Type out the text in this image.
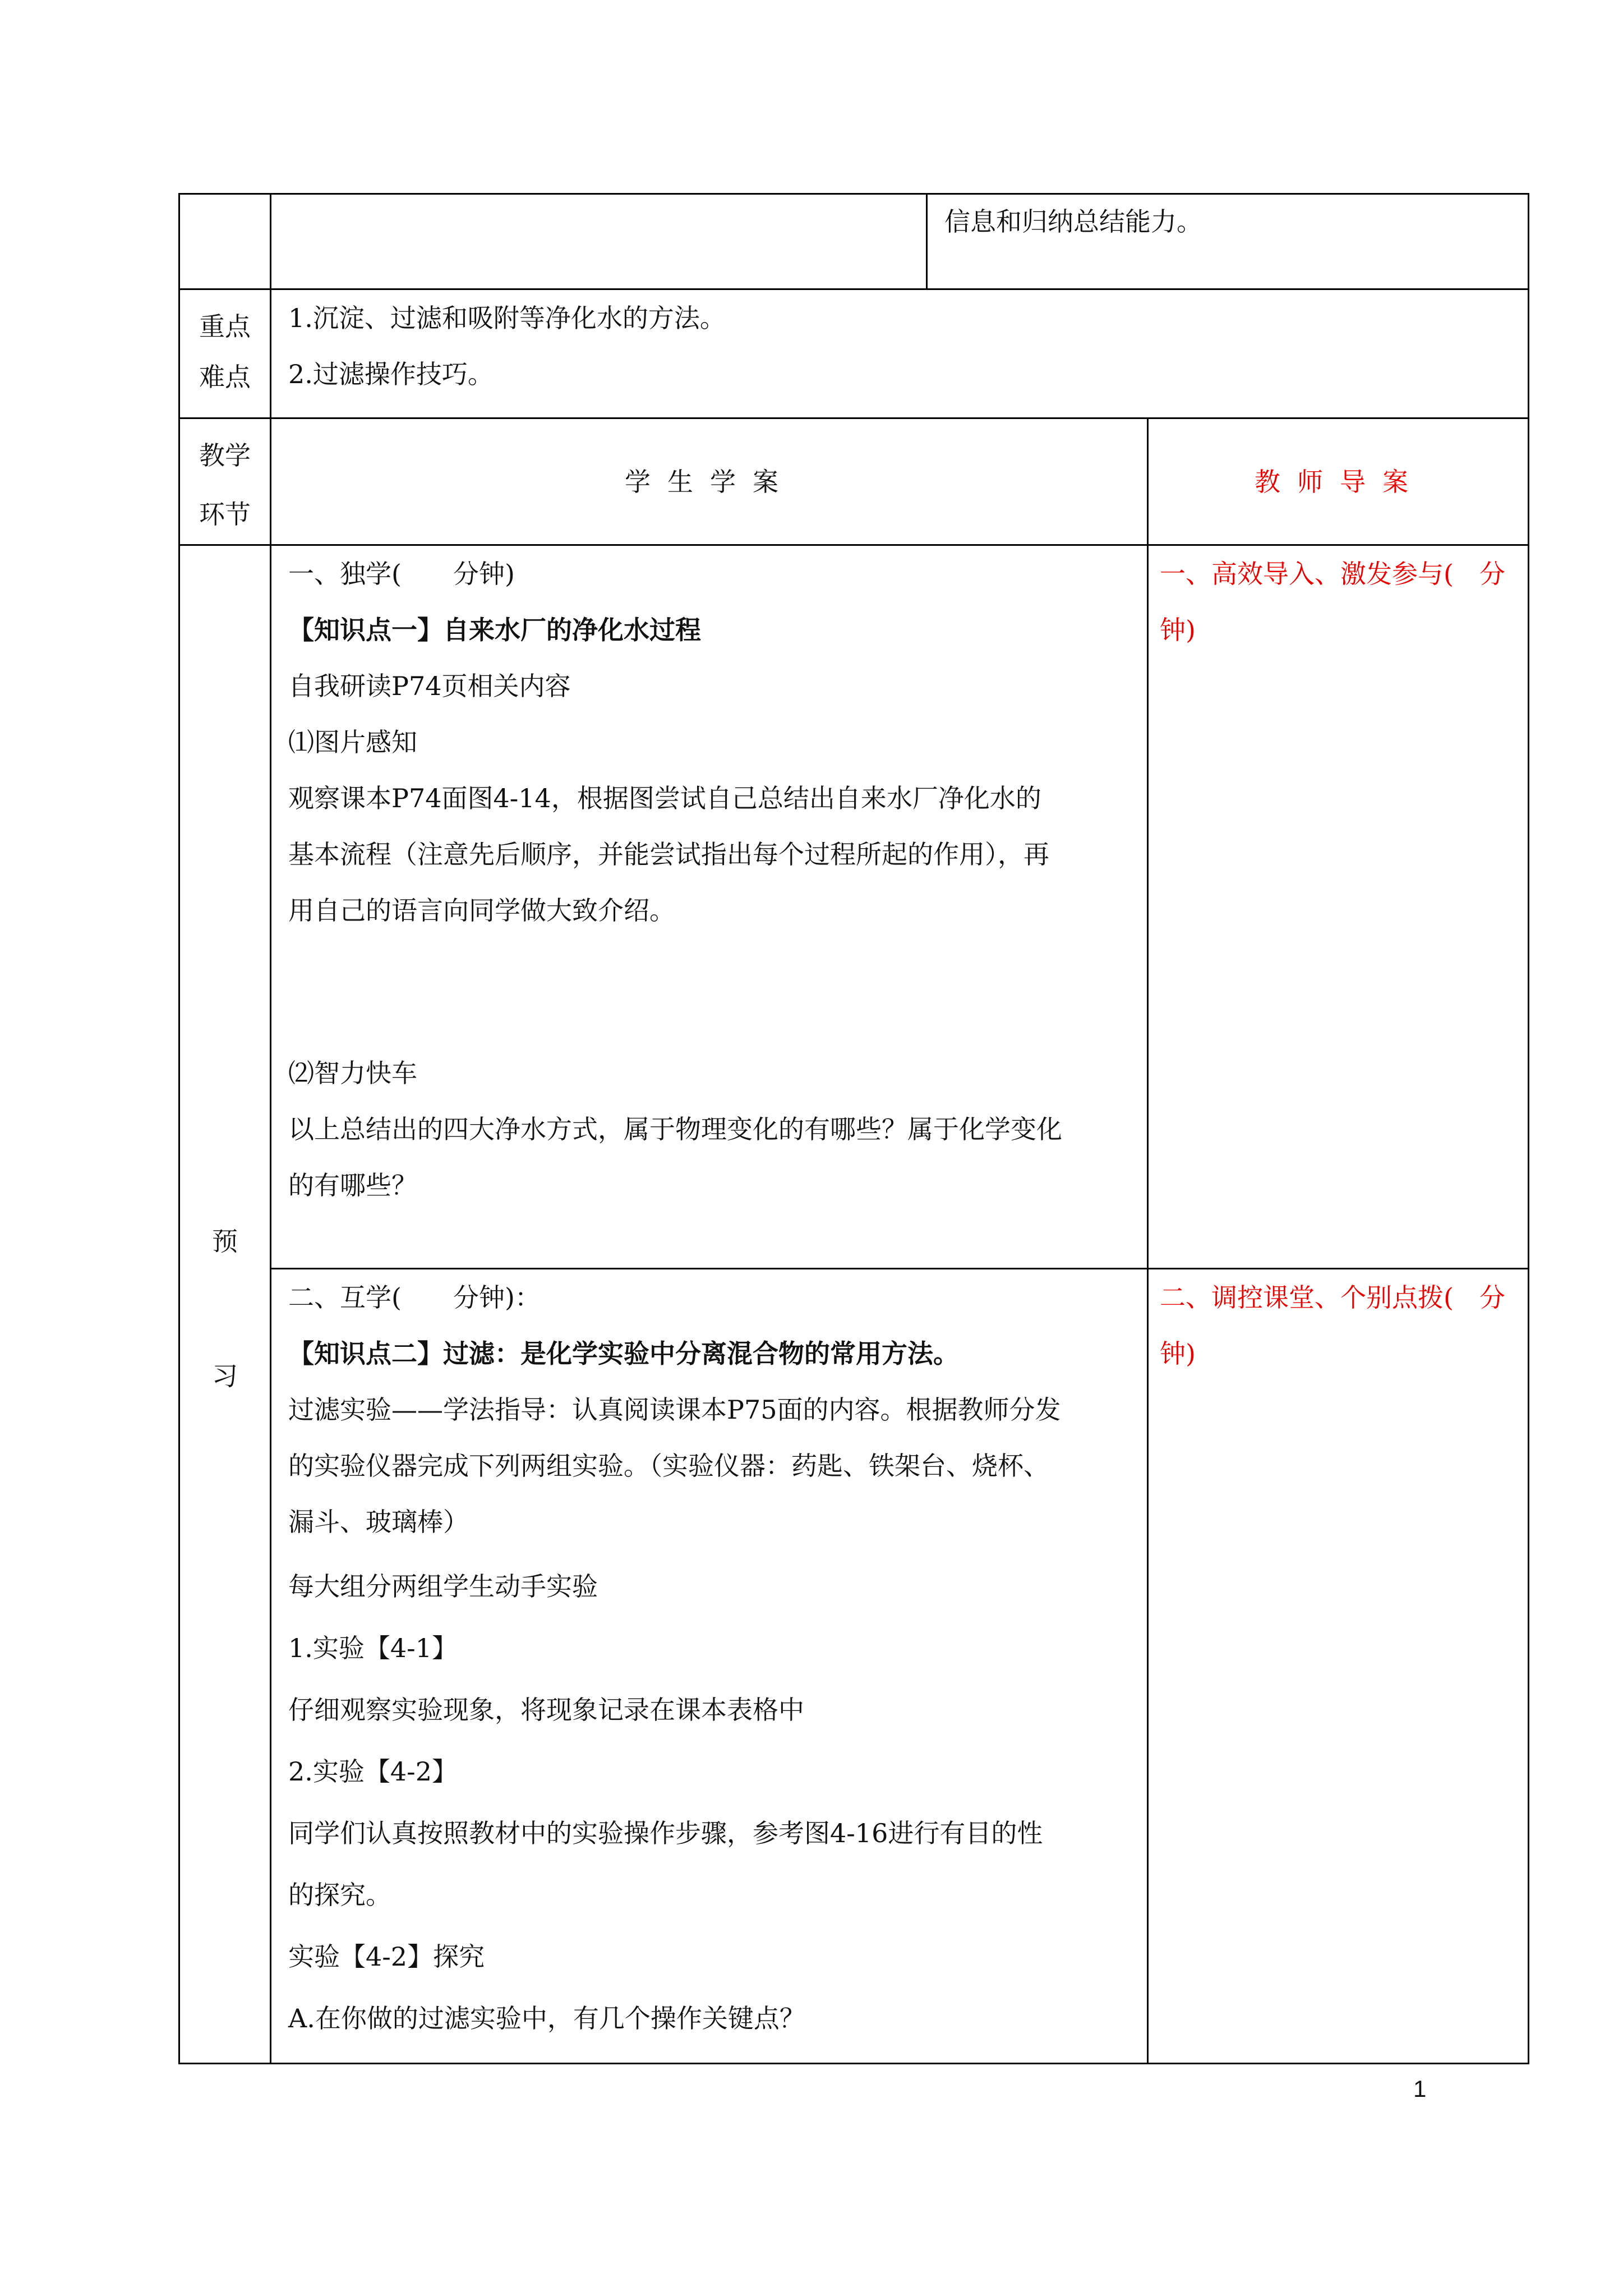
信息和归纳总结能力。
重点
难点
1.沉淀、过滤和吸附等净化水的方法。
2.过滤操作技巧。
教学
环节
学生学案	教师导案
预
习
一、独学(　　分钟)
【知识点一】自来水厂的净化水过程
自我研读P74页相关内容
⑴图片感知
观察课本P74面图4-14，根据图尝试自己总结出自来水厂净化水的
基本流程（注意先后顺序，并能尝试指出每个过程所起的作用），再
用自己的语言向同学做大致介绍。
⑵智力快车
以上总结出的四大净水方式，属于物理变化的有哪些？属于化学变化
的有哪些？
一、高效导入、激发参与(　分
钟)
二、互学(　　分钟)：
【知识点二】过滤：是化学实验中分离混合物的常用方法。
过滤实验——学法指导：认真阅读课本P75面的内容。根据教师分发
的实验仪器完成下列两组实验。（实验仪器：药匙、铁架台、烧杯、
漏斗、玻璃棒）
每大组分两组学生动手实验
1.实验【4-1】
仔细观察实验现象，将现象记录在课本表格中
2.实验【4-2】
同学们认真按照教材中的实验操作步骤，参考图4-16进行有目的性
的探究。
实验【4-2】探究
A.在你做的过滤实验中，有几个操作关键点？
二、调控课堂、个别点拨(　分
钟)
1
